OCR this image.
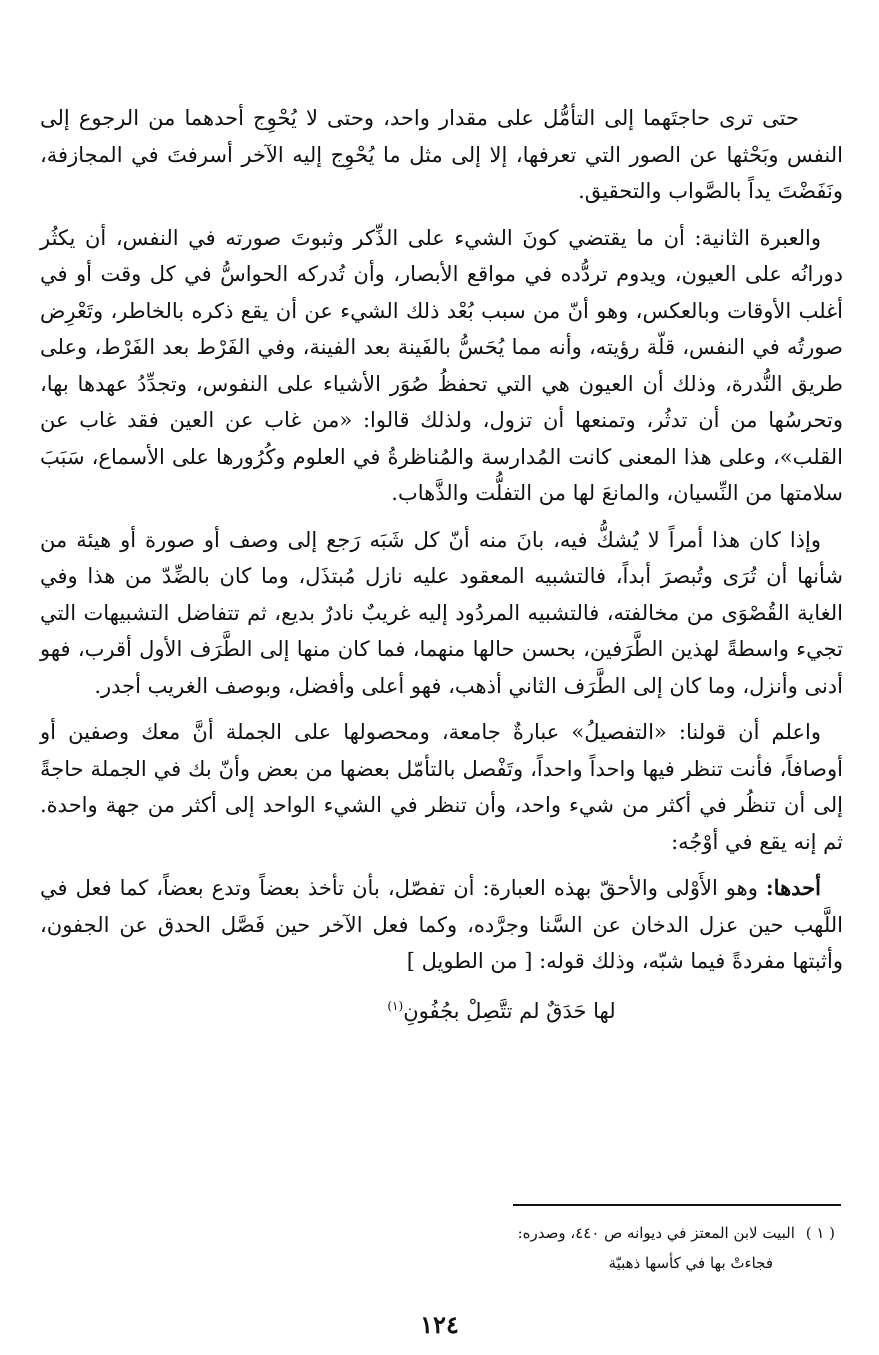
حتى ترى حاجتَهما إلى التأمُّل على مقدار واحد، وحتى لا يُحْوِج أحدهما من الرجوع إلى النفس وبَحْثها عن الصور التي تعرفها، إلا إلى مثل ما يُحْوِج إليه الآخر أسرفتَ في المجازفة، ونَفَضْتَ يداً بالصَّواب والتحقيق.

والعبرة الثانية: أن ما يقتضي كونَ الشيء على الذِّكر وثبوتَ صورته في النفس، أن يكثُر دورانُه على العيون، ويدوم تردُّده في مواقع الأبصار، وأن تُدركه الحواسُّ في كل وقت أو في أغلب الأوقات وبالعكس، وهو أنّ من سبب بُعْد ذلك الشيء عن أن يقع ذكره بالخاطر، وتَعْرِض صورتُه في النفس، قلّة رؤيته، وأنه مما يُحَسُّ بالفَينة بعد الفينة، وفي الفَرْط بعد الفَرْط، وعلى طريق النُّدرة، وذلك أن العيون هي التي تحفظُ صُوَر الأشياء على النفوس، وتجدِّدُ عهدها بها، وتحرسُها من أن تدثُر، وتمنعها أن تزول، ولذلك قالوا: «من غاب عن العين فقد غاب عن القلب»، وعلى هذا المعنى كانت المُدارسة والمُناظرةُ في العلوم وكُرُورها على الأسماع، سَبَبَ سلامتها من النِّسيان، والمانعَ لها من التفلُّت والذَّهاب.

وإذا كان هذا أمراً لا يُشكُّ فيه، بانَ منه أنّ كل شَبَه رَجع إلى وصف أو صورة أو هيئة من شأنها أن تُرَى وتُبصرَ أبداً، فالتشبيه المعقود عليه نازل مُبتذَل، وما كان بالضِّدّ من هذا وفي الغاية القُصْوَى من مخالفته، فالتشبيه المردُود إليه غريبٌ نادرٌ بديع، ثم تتفاضل التشبيهات التي تجيء واسطةً لهذين الطَّرَفين، بحسن حالها منهما، فما كان منها إلى الطَّرَف الأول أقرب، فهو أدنى وأنزل، وما كان إلى الطَّرَف الثاني أذهب، فهو أعلى وأفضل، وبوصف الغريب أجدر.

واعلم أن قولنا: «التفصيلُ» عبارةٌ جامعة، ومحصولها على الجملة أنَّ معك وصفين أو أوصافاً، فأنت تنظر فيها واحداً واحداً، وتَفْصل بالتأمّل بعضها من بعض وأنّ بك في الجملة حاجةً إلى أن تنظُر في أكثر من شيء واحد، وأن تنظر في الشيء الواحد إلى أكثر من جهة واحدة. ثم إنه يقع في أوْجُه:

أحدها: وهو الأَوْلى والأحقّ بهذه العبارة: أن تفصّل، بأن تأخذ بعضاً وتدع بعضاً، كما فعل في اللَّهب حين عزل الدخان عن السَّنا وجرَّده، وكما فعل الآخر حين فَصَّل الحدق عن الجفون، وأثبتها مفردةً فيما شبّه، وذلك قوله: [ من الطويل ]

لها حَدَقٌ لم تتَّصِلْ بجُفُونِ$^{(١)}$
( ١ ) البيت لابن المعتز في ديوانه ص ٤٤٠، وصدره:
فجاءتْ بها في كأسها ذهبيّة
١٢٤
